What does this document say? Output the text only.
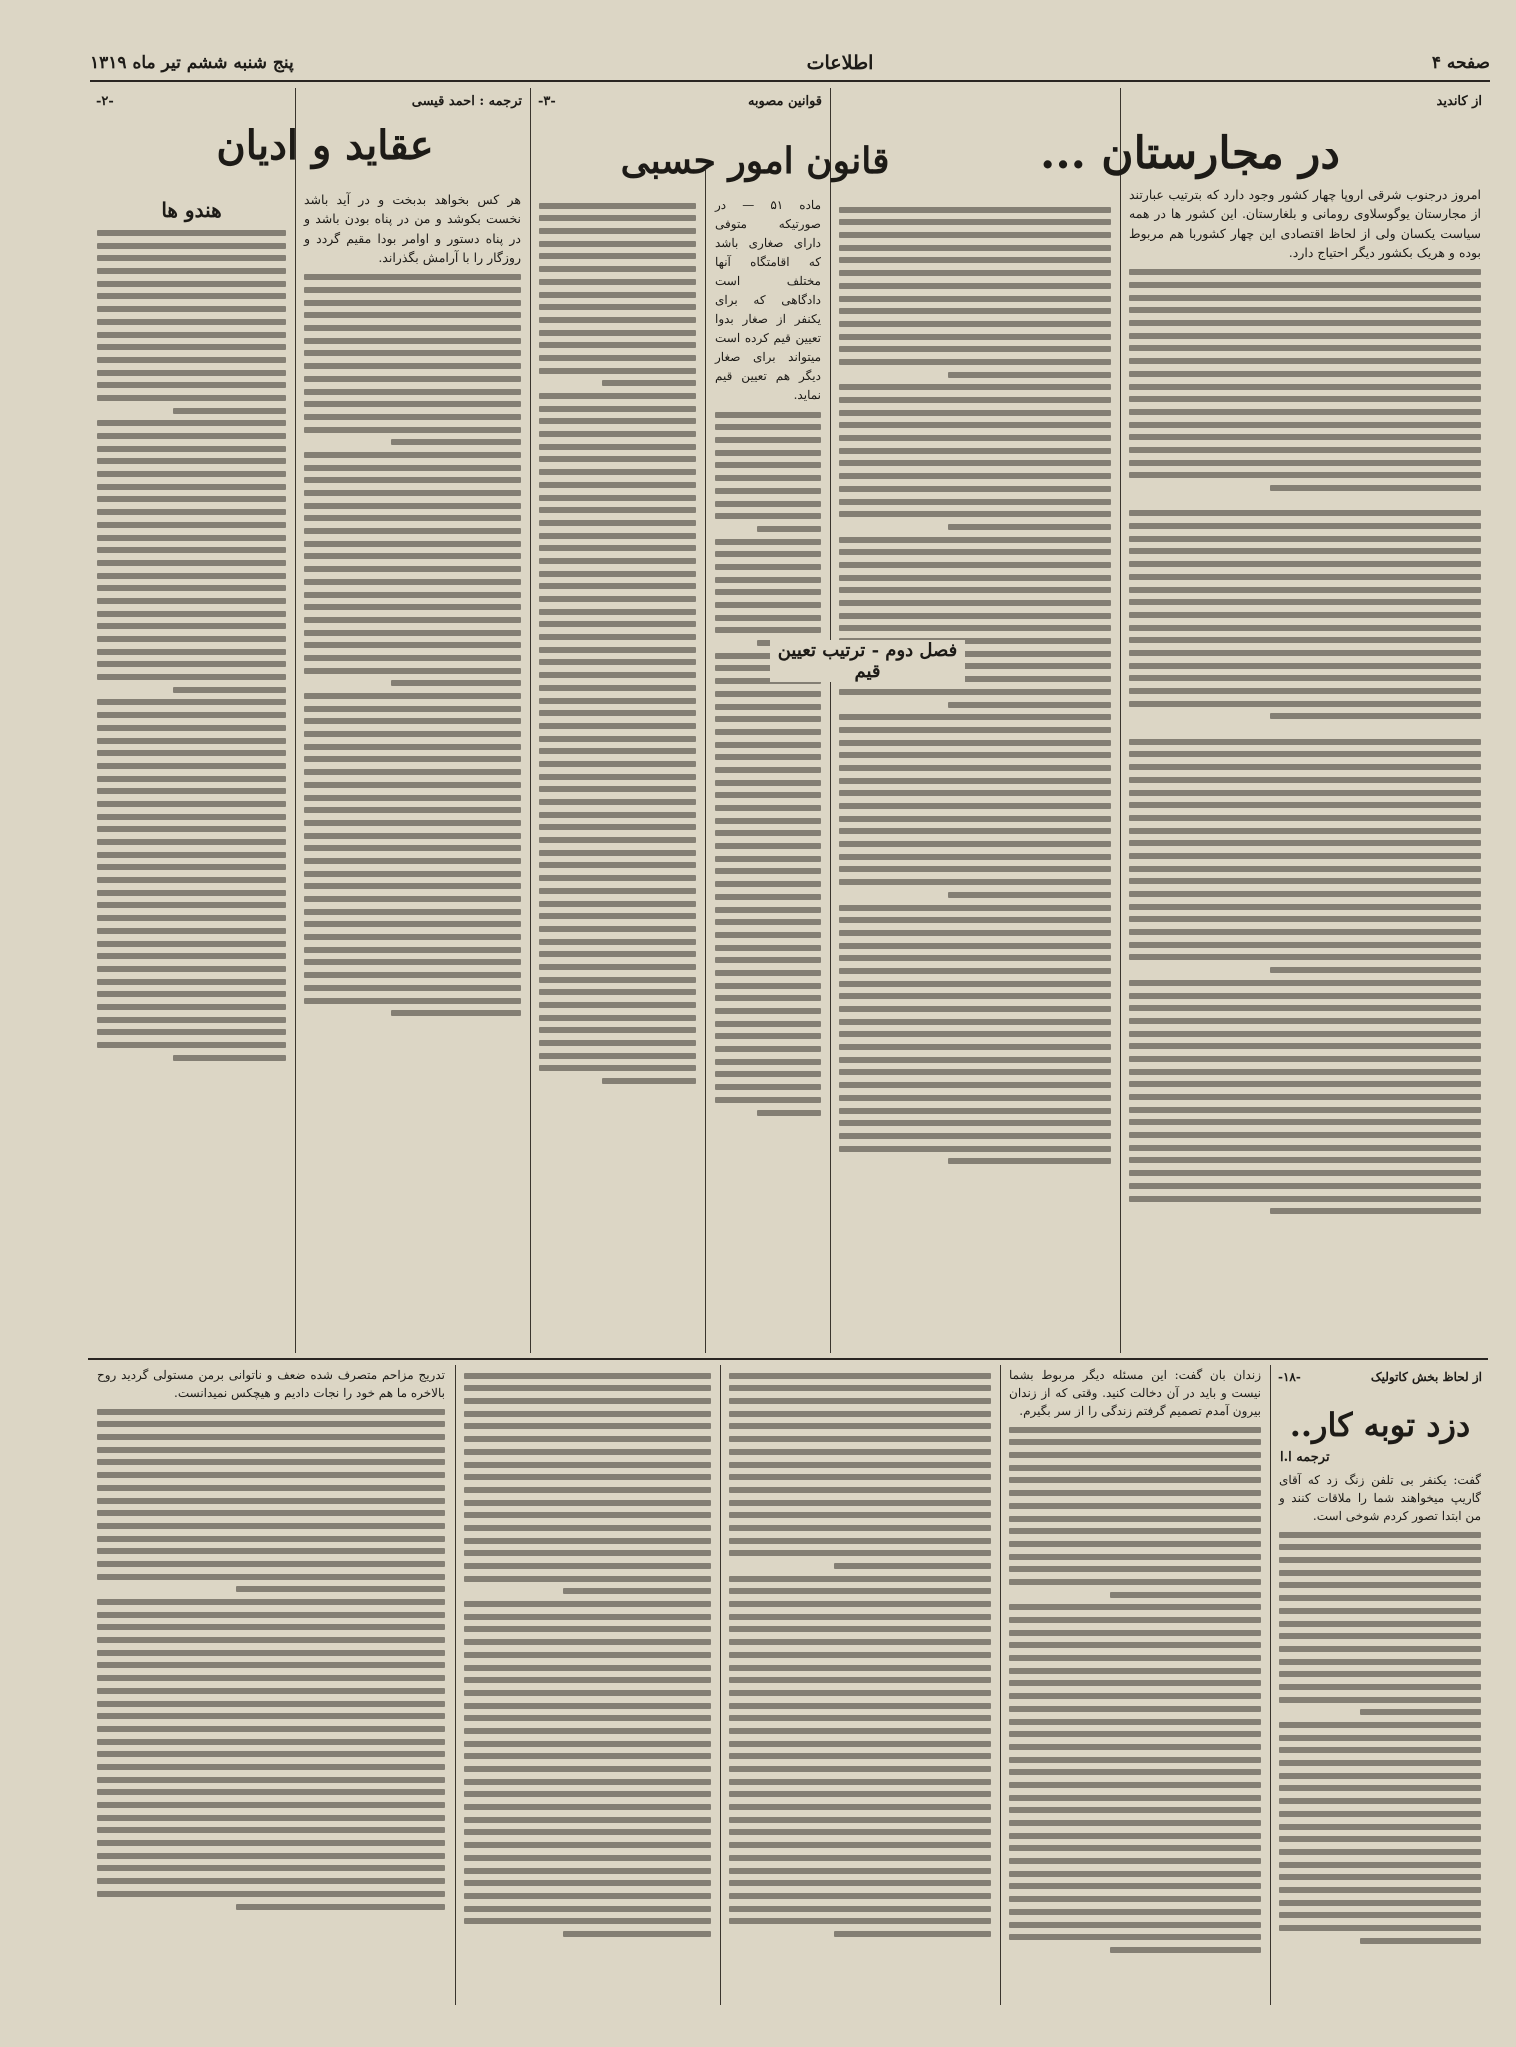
صفحه ۴
اطلاعات
پنج شنبه ششم تیر ماه ۱۳۱۹
از کاندید
امروز درجنوب شرقی اروپا چهار کشور وجود دارد که بترتیب عبارتند از مجارستان یوگوسلاوی رومانی و بلغارستان. این کشور ها در همه سیاست یکسان ولی از لحاظ اقتصادی این چهار کشوربا هم مربوط بوده و هریک بکشور دیگر احتیاج دارد.
در مجارستان ...
قوانین مصوبه
-۳-
قانون امور حسبی
ماده ۵۱ — در صورتیکه متوفی دارای صغاری باشد که اقامتگاه آنها مختلف است دادگاهی که برای یکنفر از صغار بدوا تعیین قیم کرده است میتواند برای صغار دیگر هم تعیین قیم نماید.
فصل دوم - ترتیب تعیین قیم
ترجمه : احمد قیسی
-۲-
عقاید و ادیان
هر کس بخواهد بدبخت و در آید باشد نخست بکوشد و من در پناه بودن باشد و در پناه دستور و اوامر بودا مقیم گردد و روزگار را با آرامش بگذراند.
هندو ها
از لحاظ بخش کاتولیک
-۱۸-
دزد توبه کار..
ترجمه ا.ا
گفت: یکنفر بی تلفن زنگ زد که آقای گاریپ میخواهند شما را ملاقات کنند و من ابتدا تصور کردم شوخی است.
زندان بان گفت: این مسئله دیگر مربوط بشما نیست و باید در آن دخالت کنید. وقتی که از زندان بیرون آمدم تصمیم گرفتم زندگی را از سر بگیرم.
تدریج مزاحم متصرف شده ضعف و ناتوانی برمن مستولی گردید روح بالاخره ما هم خود را نجات دادیم و هیچکس نمیدانست.
